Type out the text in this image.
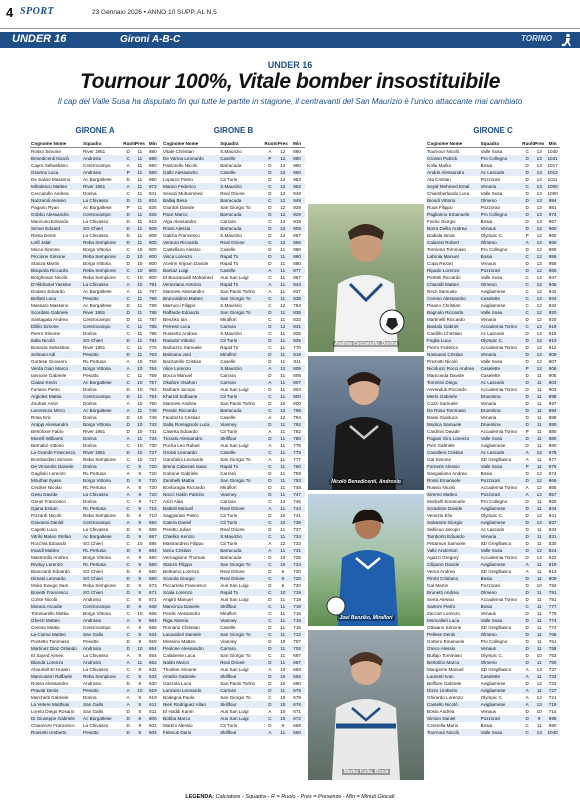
4 SPORT	23 Gennaio 2026 • ANNO 10 SUPP. AL N.5
UNDER 16	Gironi A-B-C	TORINO
UNDER 16
Tournour 100%, Vitale bomber insostituibile
Il cap del Valle Susa ha disputato fin qui tutte le partite in stagione, il centravanti del San Maurizio è l'unico attaccante mai cambiato
GIRONE A
Cognome Nome	Squadra	Ruolo	Pres	Min
Rosso Simone	River 1951	D	11	880
Benedicenti Nicolò	Androsio	C	11	880
Capra Sebastiano	Centrocampo	A	11	880
Gravino Luca	Androsio	P	11	880
De Salvio Massimo	Ac Borgaltese	D	11	880
Mihalescu Matteo	River 1951	A	11	872
Ceccarullo Andrea	Dorina	C	11	841
Nazzaroli Alessio	La Chivasso	D	11	824
Pagano Ryan	Ac Borgaltese	P	11	826
Gobbo Alessandro	Centrocampo	D	11	826
Mancuso Edoardo	La Chivasso	D	11	818
Simon Edoard	SG Chieri	D	11	809
Riesa Denis	La Chivasso	D	11	808
Lotfi Jalal	Reba Sempione	D	11	800
Micca Simone	Borgo Vittoria	C	10	800
Piccione Simone	Reba Sempione	D	10	800
Stanza Martin	Borgo Vittoria	D	10	800
Bisquola Riccardo	Reba Sempione	C	10	800
Borghesan Nicolò	Reba Sempione	C	10	800
D'Alikhanal Yassine	La Chivasso	A	10	791
Dodaro Edoardo	Ac Borgaltese	A	11	787
Bellotti Luca	Pesotto	C	11	796
Massaro Massimo	Ac Borgaltese	D	11	789
Scordato Gabriele	River 1951	D	11	788
Santagata Andrea	Centrocampo	D	11	787
Dilillo Simone	Centrocampo	C	11	785
Pierro Simone	Dorina	C	11	785
Italia Nicolò	SG Chieri	D	11	784
Bonacia Sebastian	River 1951	C	11	776
Selmani Adi	Pesotto	D	11	763
Gortese Giovanni	RL Pertusa	A	10	756
Verda Gian Marco	Borgo Vittoria	A	10	764
Iannone Gabriele	Pesotto	C	11	759
Ciatao Kevin	Ac Borgaltese	C	10	757
Furiano Pietro	Dorina	D	10	754
Argioles Mattia	Centrocampo	D	11	754
Zouhair Amin	Dorina	A	10	750
Lacerenza Mirco	Ac Borgaltese	A	11	749
Rosa Eric	Dorina	D	10	748
Arappi Alessandro	Borgo Vittoria	D	10	743
Bertolone Fabio	River 1951	D	10	741
Morelli Williams	Dorina	A	11	734
Bernabò Vittorio	Dorina	C	10	730
La Grande Francesco	River 1951	D	10	727
Bombardieri Simone	Reba Sempione	C	10	727
De Vincentis Daniele	Dorina	C	9	720
Gagliolo Lorenzo	RL Pertusa	A	9	720
Mouthar Ilyass	Borgo Vittoria	D	9	720
Cecilter Nicolai	RL Pertusa	A	9	720
Gesu Davide	La Chivasso	A	9	720
Genel Francesco	Dorina	C	9	717
Gjana Ersian	RL Pertusa	C	9	716
Pizzardi Nicolò	Reba Sempione	D	9	710
Giovanni Daniel	Centrocampo	A	9	692
Capetti Luca	La Chivasso	D	9	689
Vitrilo Mateo Stefan	Ac Borgaltese	D	9	687
Rocchia Edoardo	SG Chieri	C	10	685
Imardi Matteo	RL Pertusa	D	9	684
Mastrorillo Andrea	Borgo Vittoria	A	9	680
Rivituy Lorenzo	RL Pertusa	C	9	680
Bianciardi Edoardo	SG Chieri	D	9	680
Dimasi Leonardo	SG Chieri	D	9	680
Moko Ewugo Sam	Reba Sempione	D	9	673
Bonetti Francesco	SG Chieri	D	9	671
Conte Nicolò	Androsio	C	9	671
Morara Arcadie	Centrocampo	D	9	668
Tommarello Mattia	Borgo Vittoria	C	10	666
Gherzi Matteo	Androsio	A	9	664
Ceresa Mattia	Centrocampo	A	9	665
La Cioma Matteo	San Gallo	C	8	624
Pontetto Tommaso	Pesotto	D	9	659
Martinez Diaz Orlando	Androsio	D	10	654
El Sayed Aimen	La Chivasso	A	9	654
Blanda Lorenzo	Androsio	A	11	652
Abourtell El Hussin	La Chivasso	C	8	634
Mancuserri Raffaele	Reba Sempione	C	8	632
Rosso Alessandro	Androsio	D	8	630
Pravati Denis	Pesotto	A	10	619
Marchetti Gabriele	Dorina	A	9	619
La Vetere Matthias	San Gallo	A	9	611
Loreto Diego Rosario	San Gallo	D	8	611
Di Giuseppe Gabriele	Ac Borgaltese	D	8	606
Chiarenze Francesco	La Chivasso	D	9	604
Rossetti Umberto	Pesotto	D	8	604
GIRONE B
Cognome Nome	Squadra	Ruolo	Pres	Min
Vitale Christian	S.Maurizio	A	12	880
De Vanna Leonardo	Caselle	P	12	880
Pastorello Nicolò	Barracuda	D	12	960
Gallo Alessandro	Caselle	D	12	960
Loparco Pietro	Cit Turin	D	12	953
Manzo Federico	S.Maurizio	C	12	952
Senazi Muhammed	Real Orione	D	12	949
Balliaj Besa	Barracuda	C	12	949
Giuntoli Davide	San Giorgio To	D	12	929
Pace Marco	Barracuda	D	12	929
Alga Alessandro	Carrara	C	12	919
Rossi Alessio	Barracuda	D	12	909
Galizia Francesco	S.Maurizio	D	12	887
Ventura Riccardo	Real Orione	C	12	886
Castellano Alessio	Caselle	D	11	880
Visca Lorenzo	Rapid To	D	11	880
Acetrin Irrijoun Davide	Rapid To	D	11	880
Barsaz Luigi	Caselle	A	11	877
El Bouzaouidi Mohamed	Aus San Luigi	C	11	867
Veneziano Antonio	Rapid To	A	11	843
Mannesi Alessandro	San Paolo Torino	A	11	827
Bruncaldmo Matteo	San Giorgio To	C	11	838
Marrucci Filippo	S.Maurizio	C	12	784
Raffarde Edoardo	San Giorgio To	D	11	835
Benziko Ian	Miraflori	C	11	833
Perrese Luca	Carrara	D	12	831
Russetto Andrea	S.Maurizio	C	11	826
Ravazzi Vittorio	Cit Turin	D	11	825
Barbuzzo Samuele	Rapid To	C	11	770
Balmana Joel	Miraflori	D	11	818
Bazzarello Cristian	Caselle	D	11	811
Alice Lorenzo	S.Maurizio	A	12	809
Bocca Manuel	Carrara	D	11	808
Okafore Osahon	Carrara	A	11	807
Barbare Jacopo	Aus San Luigi	D	11	804
Kharraf Sofiaane	Cit Turin	C	11	800
Mannesi Andrea	San Paolo Torino	D	10	800
Peratic Riccardo	Barracuda	C	12	798
Fandozzo Cristian	Caselle	A	12	794
Salta Romagnolo Luca	Vianney	D	11	792
Caserta Edoardo	Cit Turin	A	11	782
Trovato Alessandro	Skillfour	D	11	780
Pocha Leo Rafael	Aus San Luigi	A	11	779
Grossi Leonardo	Caselle	C	11	779
Garofalini Leonardo	San Giorgio To	A	11	777
Brena Cabezas Isaac	Rapid To	C	11	760
Gobone Gabriele	Carrara	D	11	758
Zambelli Mattia	San Giorgio To	D	11	753
Bonfuragia Riccardo	Miraflori	D	11	748
Nocci Hakin Patrizio	Vianney	D	11	747
Azizi Alaa	Carrara	C	12	746
Battisti Manuel	Real Orione	A	11	744
Saggiorato Pietro	Cit Turin	D	10	741
Catera Daniel	Cit Turin	C	10	739
Peretto Julian	Real Orione	D	11	737
Chieliko Kenzio	S.Maurizio	C	11	734
Mastrandrea Filippo	Cit Turin	A	12	733
Iancu Cristian	Barracuda	A	11	731
Vernaglione Thomas	Barracuda	D	10	725
Stanzo Filippo	San Giorgio To	C	10	724
Beltramo Lorenzo	Real Orione	D	9	720
Scarola Giorgio	Real Orione	C	9	720
Piccarreta Francesco	Aus San Luigi	D	9	720
Scala Lorenzo	Rapid To	C	10	719
Angirò Manuel	Aus San Luigi	D	11	719
Mancinca Daniele	Skillfour	C	11	718
Perdic Alessandro	Miraflori	C	11	716
Riga Alessio	Vianney	C	11	716
Romano Christian	Caselle	D	11	715
Lacauideri Daniele	San Giorgio To	C	11	712
Mossino Matteo	Vianney	D	10	707
Peolone Alessandro	Carrara	D	11	702
Calaberse Luca	San Giorgio To	C	11	697
Naldo Marco	Real Orione	D	11	687
Thodine Simone	Aus San Luigi	A	10	693
Amelio Gabriele	Skillfour	D	10	692
Gazzola Luca	San Paolo Torino	D	10	690
Lanzano Leonardo	Carrara	D	11	679
Bodegna Paolo	San Giorgio To	C	10	679
Nieri Rodriguez Allan	Skillfour	D	10	676
El Haddi Karim	Aus San Luigi	A	10	671
Bobba Marco	Aus San Luigi	C	10	672
Martini Alessio	Cit Turin	D	9	668
Felecus Dario	Skillfour	A	11	660
GIRONE C
Cognome Nome	Squadra	Ruolo	Pres	Min
Tournour Nicolò	Valle Susa	C	13	1040
Grosso Patrick	Pro Collegno	D	13	1031
Kolla Marko	Bosia	D	13	1017
Andrei Alessandro	Ac Lascaris	D	13	1012
Ata Cristian	Pozzorati	D	13	1011
Seyid Mehmed Emal	Venaria	C	13	1000
Chiamberlando Luca	Valle Susa	D	13	1000
Biondi Vittorio	Olmeno	D	13	994
Ruus Filippo	Pozzorati	D	13	981
Pagliarino Emanuele	Pro Collegno	D	13	972
Fiorini Giorgio	Bosia	D	13	967
Borra Dellio Andrea	Venaus	D	12	960
Bodiala Ismai	Olympic C.	P	12	960
Calaresi Robert	Olmeno	A	12	960
Tormena Tommaso	Pro Collegno	D	12	960
Labroia Manuel	Bosia	C	12	959
Copa Rezart	Venaus	D	13	958
Ripado Lorenzo	Pozzorati	D	12	955
Pertteli Riccardo	Valle Susa	C	12	947
Chiaralli Matteo	Olmeno	C	12	945
Recti Samuele	Avigliamese	C	12	942
Cereso Alessandro	Caselette	C	12	934
Pisano Christian	Avigliamese	C	12	932
Bagnolo Riccardo	Valle Susa	C	12	920
Martinelli Riccardo	Venaria	D	12	920
Bastalo Gabriel	Accademia Torino	C	12	919
Cardillo Christian	Ac Lascaris	D	12	915
Foglia Luca	Olympic C.	D	12	913
Pierro Federico	Accademia Torino	D	12	912
Nassaoni Cristian	Venaria	D	12	909
Preziotti Nicolò	Valle Susa	D	12	907
Nicolucci Rocci Andrea	Caselette	P	12	906
Mariconda Davide	Caselette	D	11	905
Tommini Diego	Ac Lascaris	D	11	903
Avvenduti Riccardo	Accademia Torino	D	11	903
Merlo Gabriele	Druentina	D	11	898
Cozzi Samuele	Venaria	D	11	897
De Rosa Tommaso	Druentina	D	11	893
Bassi Gianluca	Venaria	D	11	889
Modica Samuele	Druentina	D	11	880
Cardinni Davide	Accademia Torino	P	11	880
Pagani Giro Lorenzo	Valle Susa	D	11	880
Pieri Gabriele	Avigliamese	D	11	880
Cavallero Cristian	Ac Lascaris	A	12	878
Gal Simone	SD Greglliasco	A	11	877
Forneris Alessio	Valle Susa	P	11	875
Sangiuliano Andrea	Bosia	D	12	874
Rossi Emanuele	Pozzorati	D	12	869
Russio Nicolò	Accademia Torino	A	12	865
Stremo Matteo	Pozzorati	A	12	857
Morbelli Emanuele	Pro Collegno	D	11	850
Scradone Davide	Avigliamese	D	11	844
Venezio Elio	Olympic C.	D	12	841
Salvatore Giorgio	Avigliamese	D	12	837
Skillicuo Jacopo	Ac Lascaris	D	11	833
Tamborlo Edoardo	Venaria	D	11	831
Pistamuri Samuele	SD Greglliasco	D	11	830
Valle Anderson	Valle Susa	D	12	824
Agazzi Gregory	Accademia Torino	D	12	822
Cilipano Davide	Avigliamese	A	11	819
Verna Andrea	SD Greglliasco	A	11	813
Pirotti Cristiano	Bosia	D	11	809
Gal Martin	Pozzorati	D	10	792
Brunetti Andrea	Olmeno	D	11	791
Serra Alessio	Accademia Torino	D	11	781
Sartore Pietro	Bosia	C	11	777
Zaccari Lorenzo	Venaus	D	11	775
Moncalieri Luca	Valle Susa	D	11	774
Ottaiano Simone	SD Greglliasco	D	11	774
Pellese Denis	Olmeno	D	11	765
Gottero Emanuele	Pro Collegno	D	11	761
Greco Alessio	Venaus	D	11	758
Bullajo Tommaso	Olympic C.	D	10	753
Bertolino Marco	Olmeno	D	11	750
Mangione Manuel	SD Greglliasco	A	13	737
Laurenti Ivan	Caselette	A	11	733
Belfiore Gabriele	Avigliamese	D	12	733
Dizzo Umberto	Avigliamese	A	11	727
Ghirardo Lorenzo	Olympic C.	A	12	721
Castello Nicolò	Avigliamese	A	13	719
Bosio Andrea	Venaus	D	10	714
Simion Daniel	Pozzorati	D	9	699
Centrella Mario	Bosia	C	11	690
Tournour Nicolò	Valle Susa	C	13	1040
Andrea Ceccarullo, Dorina
Nicolò Benedicenti, Androsio
Joel Benziko, Miraflori
Marko Kolla, Bosia
LEGENDA: Calciatore - Squadra - R = Ruolo - Pres = Presenze - Min = Minuti Giocati
